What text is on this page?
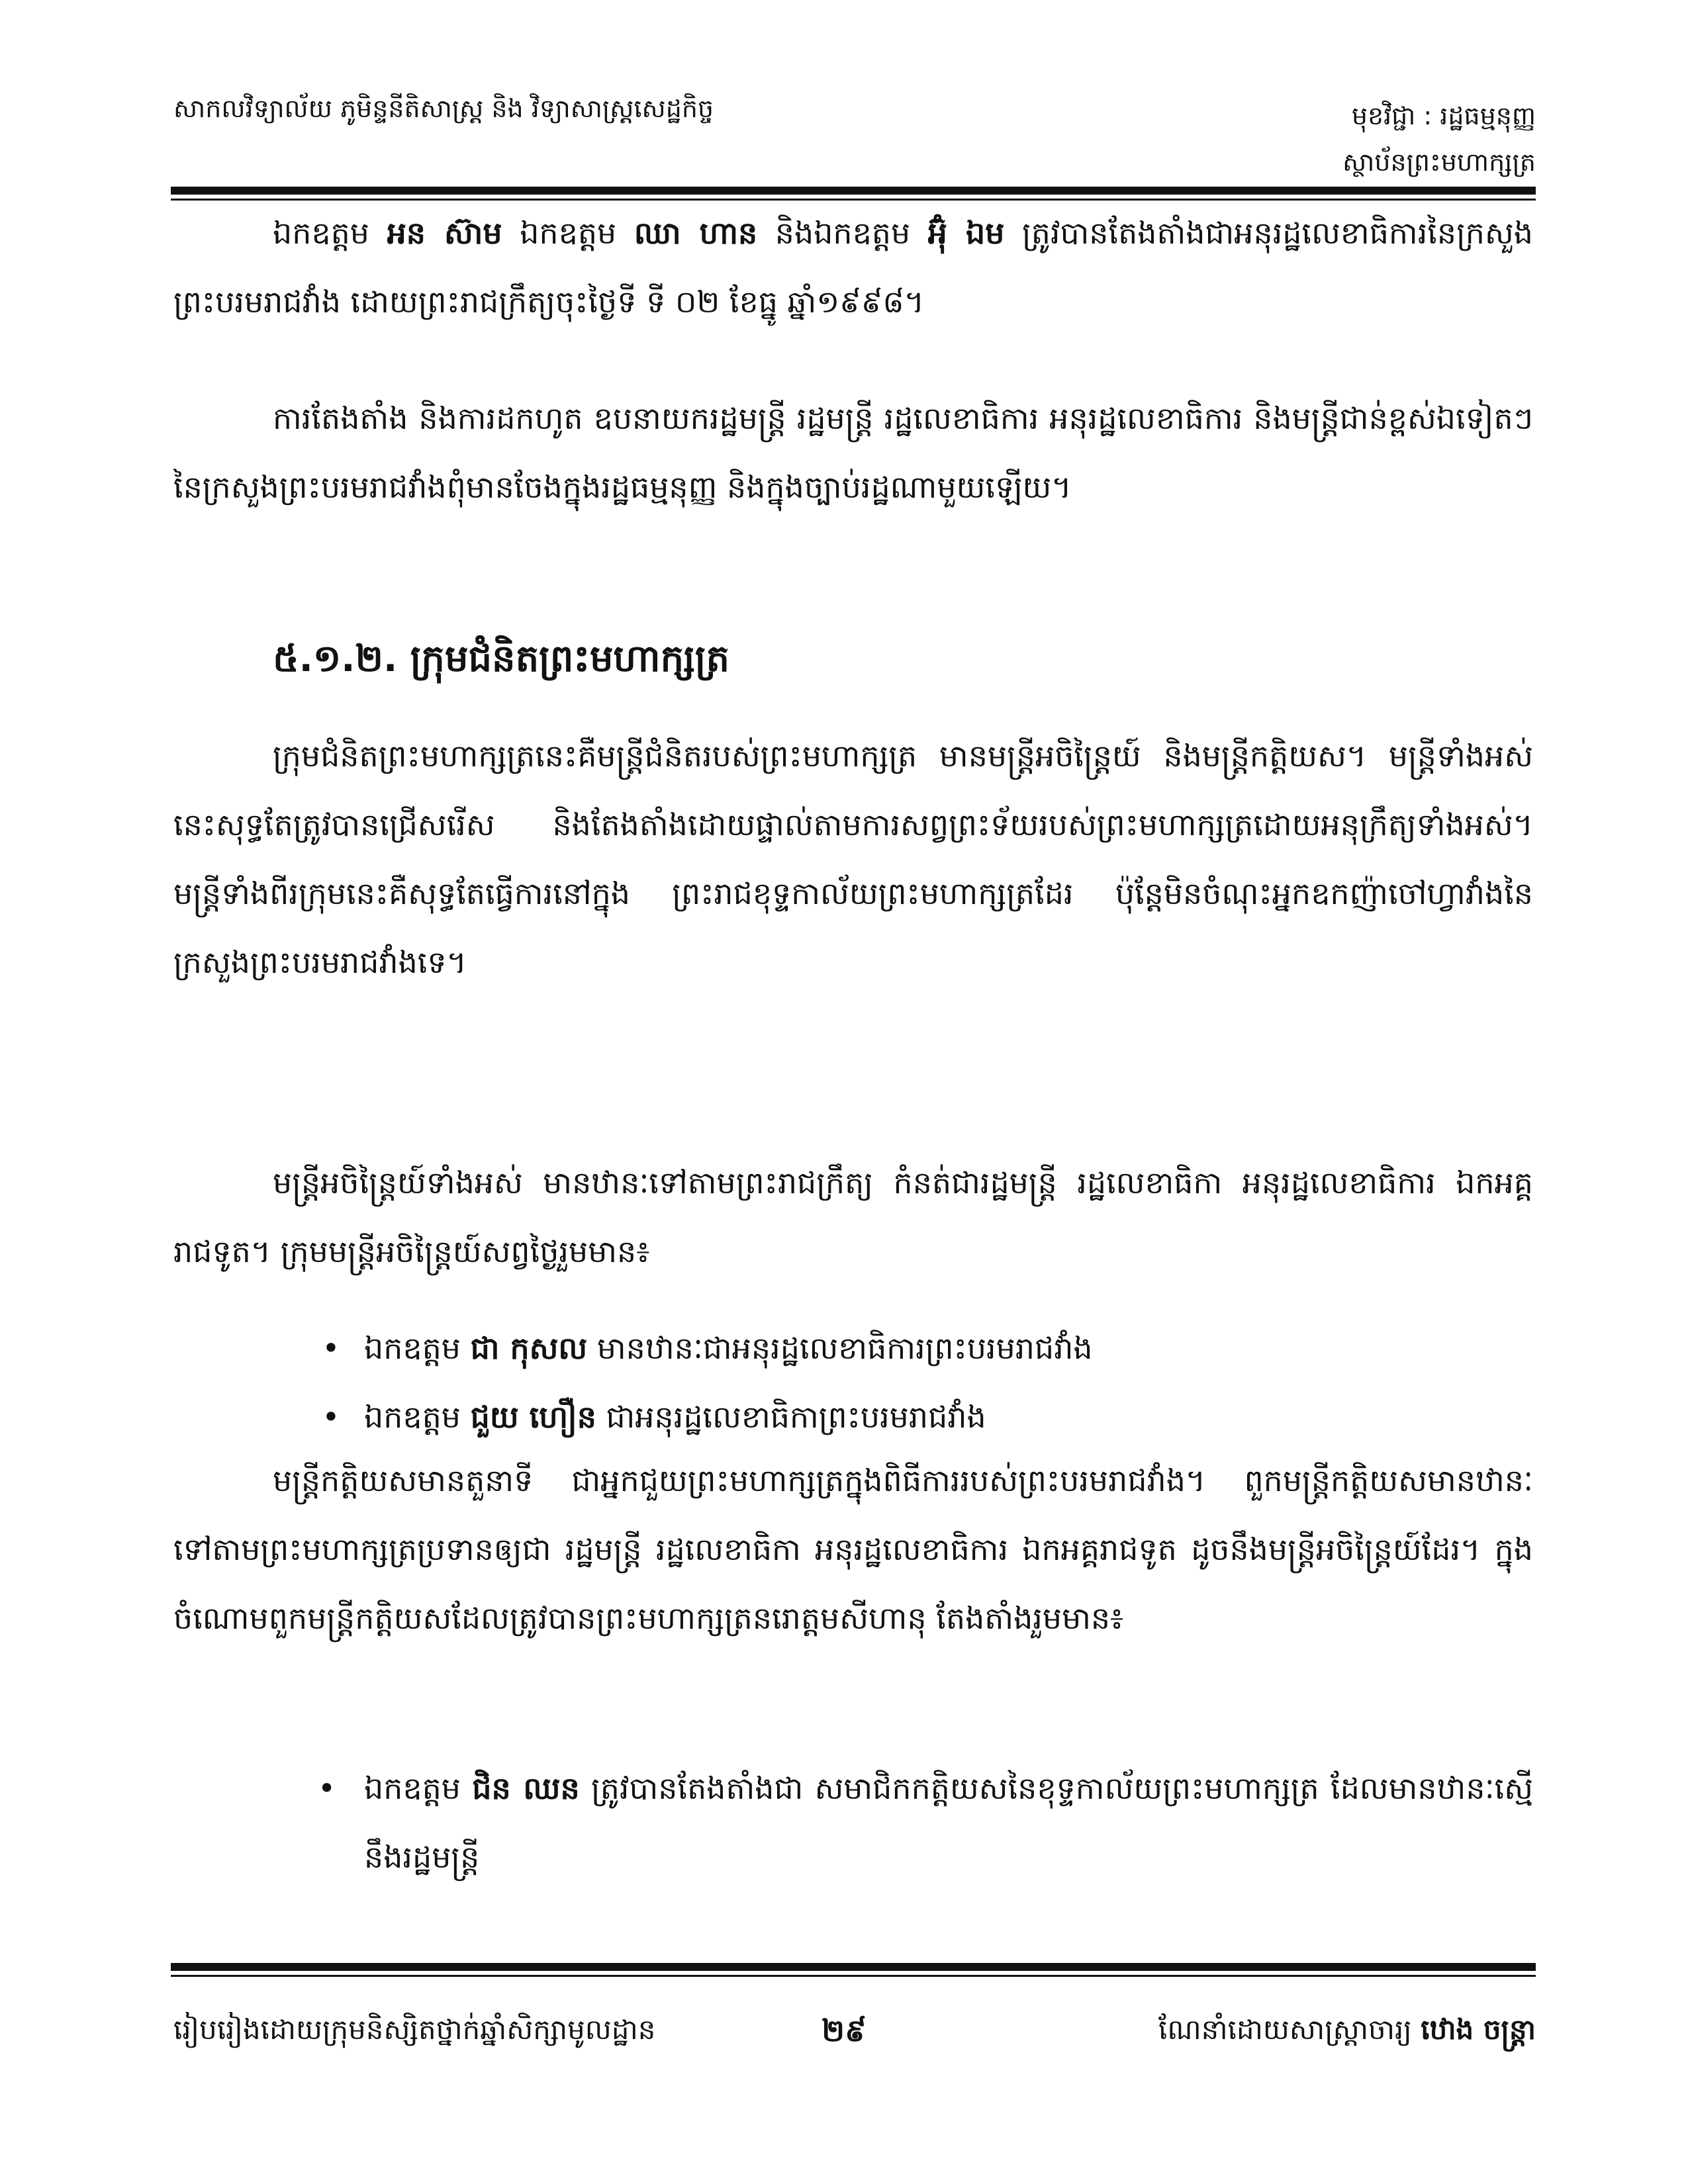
សាកលវិទ្យាល័យ ភូមិន្ទនីតិសាស្ត្រ និង វិទ្យាសាស្ត្រសេដ្ឋកិច្ច	មុខវិជ្ជា : រដ្ឋធម្មនុញ្ញ
ស្ថាប័នព្រះមហាក្សត្រ

ឯកឧត្តម អន ស៊ាម ឯកឧត្តម ឈា ហាន និងឯកឧត្តម អ៊ុំ ឯម ត្រូវបានតែងតាំងជាអនុរដ្ឋលេខាធិការនៃក្រសួងព្រះបរមរាជវាំង ដោយព្រះរាជក្រឹត្យចុះថ្ងៃទី ទី ០២ ខែធ្នូ ឆ្នាំ១៩៩៨។

ការតែងតាំង និងការដកហូត ឧបនាយករដ្ឋមន្ត្រី រដ្ឋមន្ត្រី រដ្ឋលេខាធិការ អនុរដ្ឋលេខាធិការ និងមន្ត្រីជាន់ខ្ពស់ឯទៀតៗនៃក្រសួងព្រះបរមរាជវាំងពុំមានចែងក្នុងរដ្ឋធម្មនុញ្ញ និងក្នុងច្បាប់រដ្ឋណាមួយឡើយ។

៥.១.២. ក្រុមជំនិតព្រះមហាក្សត្រ

ក្រុមជំនិតព្រះមហាក្សត្រនេះគឺមន្ត្រីជំនិតរបស់ព្រះមហាក្សត្រ មានមន្ត្រីអចិន្ត្រៃយ៍ និងមន្ត្រីកត្តិយស។ មន្ត្រីទាំងអស់នេះសុទ្ធតែត្រូវបានជ្រើសរើស និងតែងតាំងដោយផ្ទាល់តាមការសព្វព្រះទ័យរបស់ព្រះមហាក្សត្រដោយអនុក្រឹត្យទាំងអស់។ មន្ត្រីទាំងពីរក្រុមនេះគឺសុទ្ធតែធ្វើការនៅក្នុង ព្រះរាជខុទ្ទកាល័យព្រះមហាក្សត្រដែរ ប៉ុន្តែមិនចំណុះអ្នកឧកញ៉ាចៅហ្វាវាំងនៃក្រសួងព្រះបរមរាជវាំងទេ។

មន្ត្រីអចិន្ត្រៃយ៍ទាំងអស់ មានឋានៈទៅតាមព្រះរាជក្រឹត្យ កំនត់ជារដ្ឋមន្ត្រី រដ្ឋលេខាធិកា អនុរដ្ឋលេខាធិការ ឯកអគ្គរាជទូត។ ក្រុមមន្ត្រីអចិន្ត្រៃយ៍សព្វថ្ងៃរួមមាន៖

• ឯកឧត្តម ជា កុសល មានឋានៈជាអនុរដ្ឋលេខាធិការព្រះបរមរាជវាំង
• ឯកឧត្តម ជួយ ហឿន ជាអនុរដ្ឋលេខាធិកាព្រះបរមរាជវាំង

មន្ត្រីកត្តិយសមានតួនាទី ជាអ្នកជួយព្រះមហាក្សត្រក្នុងពិធីការរបស់ព្រះបរមរាជវាំង។ ពួកមន្ត្រីកត្តិយសមានឋានៈ ទៅតាមព្រះមហាក្សត្រប្រទានឲ្យជា រដ្ឋមន្ត្រី រដ្ឋលេខាធិកា អនុរដ្ឋលេខាធិការ ឯកអគ្គរាជទូត ដូចនឹងមន្ត្រីអចិន្ត្រៃយ៍ដែរ។ ក្នុងចំណោមពួកមន្ត្រីកត្តិយសដែលត្រូវបានព្រះមហាក្សត្រនរោត្តមសីហានុ តែងតាំងរួមមាន៖

• ឯកឧត្តម ជិន ឈន ត្រូវបានតែងតាំងជា សមាជិកកត្តិយសនៃខុទ្ទកាល័យព្រះមហាក្សត្រ ដែលមានឋានៈស្មើនឹងរដ្ឋមន្ត្រី
រៀបរៀងដោយក្រុមនិស្សិតថ្នាក់ឆ្នាំសិក្សាមូលដ្ឋាន	២៩	ណែនាំដោយសាស្ត្រាចារ្យ ឋោង ចន្ត្រា
